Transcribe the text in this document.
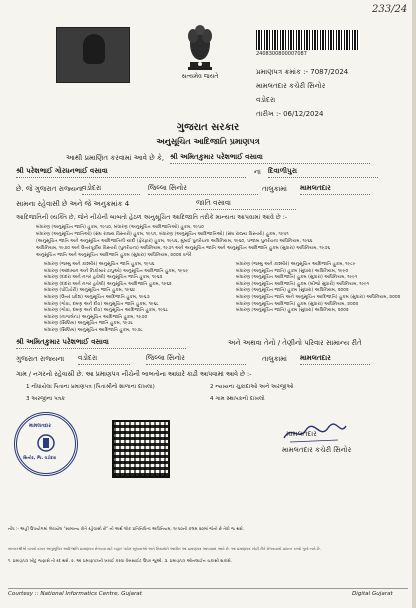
233/24
સત્યમેવ જયતે
2408300800007087
પ્રમાણપત્ર ક્રમાંક :- 7087/2024
મામલતદાર કચેરી સિનોર
વડોદરા
તારીખ :- 06/12/2024
ગુજરાત સરકાર
અનુસૂચિત આદિજાતિ પ્રમાણપત્ર
આથી પ્રમાણિત કરવામાં આવે છે કે, શ્રી અમિતકુમાર પરેશભાઈ વસાવા
શ્રી પરેશભાઈ ગોરધનભાઈ વસાવા	ના દિવાળીપુરા
છે. જે ગુજરાત રાજ્યના વડોદરા	જિલ્લા સિનોર	તાલુકામાં મામલતદાર
સામના રહેવાસી છે અને જે અનુક્રમાંક 4	જાતિ વસાવા
આદિજાતિની વ્યક્તિ છે, જેને નીચેની બાબતો હેઠળ અનુસૂચિત આદિજાતિ તરીકે માન્યતા આપવામાં આવે છે :-
બંધારણ (અનુસૂચિત જાતિ) હુકમ, ૧૯૫૦, બંધારણ (અનુસૂચિત આદિજાતિઓ) હુકમ, ૧૯૫૦
બંધારણ (અનુસૂચિત જાતિઓ) (સંઘ રાજ્ય વિસ્તારો) હુકમ, ૧૯૫૧, બંધારણ (અનુસૂચિત આદિજાતિઓ) (સંઘ રાજ્ય વિસ્તારો) હુકમ, ૧૯૫૧
(અનુસૂચિત જાતિ અને અનુસૂચિત આદિજાતિની યાદી (ફેરફાર) હુકમ, ૧૯૫૬, મુંબઈ પુનર્રચના અધિનિયમ, ૧૯૬૦, પંજાબ પુનર્રચના અધિનિયમ, ૧૯૬૬
અધિનિયમ, ૧૯૭૦ અને ઉત્તરપૂર્વીય વિસ્તારો (પુનર્રચના) અધિનિયમ, ૧૯૭૧ અને અનુસૂચિત જાતિ અને અનુસૂચિત આદિજાતિ હુકમ (સુધારા) અધિનિયમ, ૧૯૭૬
અનુસૂચિત જાતિ અને અનુસૂચિત આદિજાતિ હુકમ (સુધારા) અધિનિયમ, ૨૦૦૨ વગેરે
બંધારણ (જમ્મુ અને કાશ્મીર) અનુસૂચિત જાતિ હુકમ, ૧૯૫૬
બંધારણ (આંદામાન અને નિકોબાર ટાપુઓ) અનુસૂચિત આદિજાતિ હુકમ, ૧૯૫૯
બંધારણ (દાદરા અને નગર હવેલી) અનુસૂચિત જાતિ હુકમ, ૧૯૬૨
બંધારણ (દાદરા અને નગર હવેલી) અનુસૂચિત આદિજાતિ હુકમ, ૧૯૬૨
બંધારણ (પોંડિચેરી) અનુસૂચિત જાતિ હુકમ, ૧૯૬૪
બંધારણ (ઉત્તર પ્રદેશ) અનુસૂચિત આદિજાતિ હુકમ, ૧૯૬૭
બંધારણ (ગોવા, દમણ અને દીવ) અનુસૂચિત જાતિ હુકમ, ૧૯૬૮
બંધારણ (ગોવા, દમણ અને દીવ) અનુસૂચિત આદિજાતિ હુકમ, ૧૯૬૮
બંધારણ (નાગાલેન્ડ) અનુસૂચિત આદિજાતિ હુકમ, ૧૯૭૦
બંધારણ (સિક્કિમ) અનુસૂચિત જાતિ હુકમ, ૧૯૭૮
બંધારણ (સિક્કિમ) અનુસૂચિત આદિજાતિ હુકમ, ૧૯૭૮
બંધારણ (જમ્મુ અને કાશ્મીર) અનુસૂચિત આદિજાતિ હુકમ, ૧૯૮૯
બંધારણ (અનુસૂચિત જાતિ) હુકમ (સુધારા) અધિનિયમ, ૧૯૯૦
બંધારણ (અનુસૂચિત આદિજાતિ) હુકમ (સુધારા) અધિનિયમ, ૧૯૯૧
બંધારણ (અનુસૂચિત આદિજાતિ) હુકમ (બીજો સુધારો) અધિનિયમ, ૧૯૯૧
બંધારણ (અનુસૂચિત જાતિ) હુકમ (સુધારા) અધિનિયમ, ૨૦૦૨
બંધારણ (અનુસૂચિત જાતિ અને અનુસૂચિત આદિજાતિ) હુકમ (સુધારા) અધિનિયમ, ૨૦૦૨
બંધારણ (અનુસૂચિત આદિજાતિ) હુકમ (સુધારા) અધિનિયમ, ૨૦૦૨
બંધારણ (અનુસૂચિત જાતિ) હુકમ (સુધારા) અધિનિયમ, ૨૦૦૨
શ્રી અમિતકુમાર પરેશભાઈ વસાવા	અને અથવા તેનો / તેણીનો પરિવાર સામાન્ય રીતે
ગુજરાત રાજ્યના વડોદરા	જિલ્લા સિનોર	તાલુકામાં મામલતદાર
ગામ / નગરનો રહેવાસી છે. આ પ્રમાણપત્ર નીચેની બાબતોના આધારે કાઢી આપવામાં આવે છે :-
1 નોંધાયેલા પિતાના પ્રમાણપત્ર (પિતાશ્રીનો શાળાના દાખલા)	2 ન્યાયના ચુકાદાઓ અને અરજીઓ
3 અરજીના પત્રક	4 ગામ સ્થાપકનો દાખલો
મામલતદાર
સિનોર, જિ. વડોદરા
મામલતદાર
મામલતદાર કચેરી સિનોર
નોંધ :- અહીં ઉપયોગમાં લેવાયેલ "સામાન્ય રીતે રહેવાસી છે" નો અર્થ લોક પ્રતિનિધિત્વ અધિનિયમ, ૧૯૫૦ની કલમ ૨૦માં જેનો છે તેવો જ થશે.
સરકારશ્રીએ વખતો વખત અનુસૂચિત આદિજાતિ પ્રમાણપત્ર મેળવવા માટે બહાર પાડેલ સૂચનાઓ અને નિયમોને આધીન આ પ્રમાણપત્ર આપવામાં આવે છે. આ પ્રમાણપત્ર ખોટી રીતે મેળવવાનો પ્રયત્ન કરવો ગુનો બને છે.
૧. પ્રમાણપત્ર ખોટુ જણાશે તો રદ થશે. ૨. આ પ્રમાણપત્રની ખરાઈ કરવા વેબસાઈટ ઉપર જુઓ. ૩. પ્રમાણપત્ર ઓનલાઈન ચકાસી શકાશે.
Courtesy :: National Informatics Centre, Gujarat	Digital Gujarat
